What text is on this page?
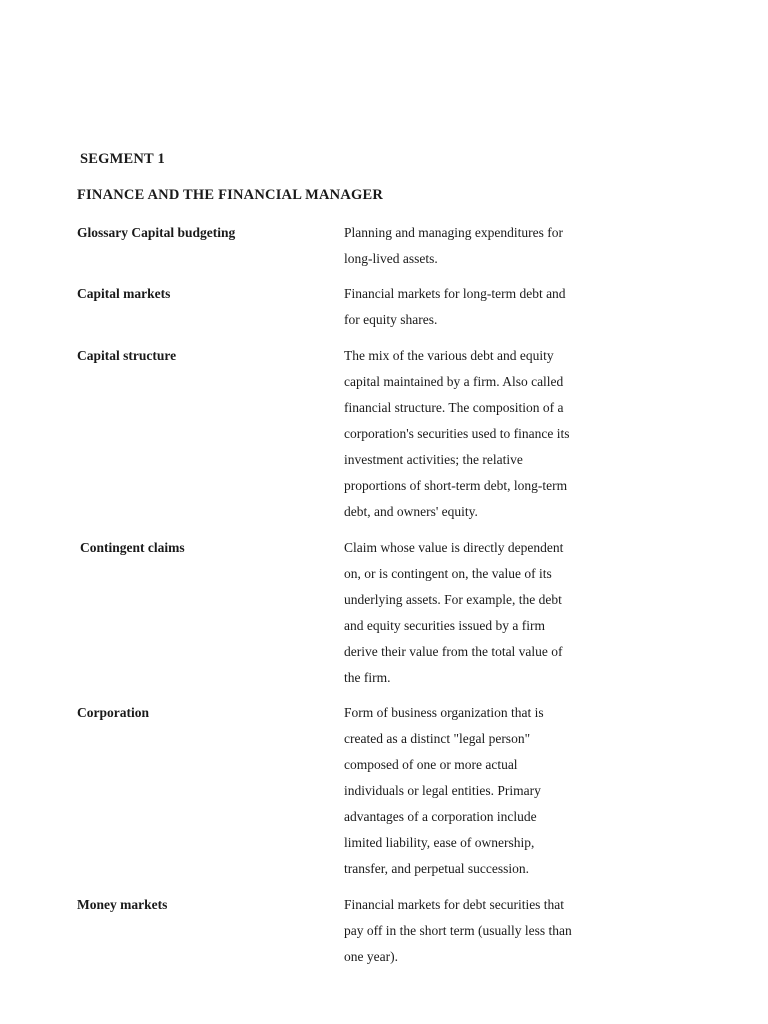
SEGMENT 1
FINANCE AND THE FINANCIAL MANAGER
Glossary Capital budgeting	Planning and managing expenditures for
long-lived assets.
Capital markets	Financial markets for long-term debt and
for equity shares.
Capital structure	The mix of the various debt and equity
capital maintained by a firm. Also called
financial structure. The composition of a
corporation's securities used to finance its
investment activities; the relative
proportions of short-term debt, long-term
debt, and owners' equity.
Contingent claims	Claim whose value is directly dependent
on, or is contingent on, the value of its
underlying assets. For example, the debt
and equity securities issued by a firm
derive their value from the total value of
the firm.
Corporation	Form of business organization that is
created as a distinct "legal person"
composed of one or more actual
individuals or legal entities. Primary
advantages of a corporation include
limited liability, ease of ownership,
transfer, and perpetual succession.
Money markets	Financial markets for debt securities that
pay off in the short term (usually less than
one year).
